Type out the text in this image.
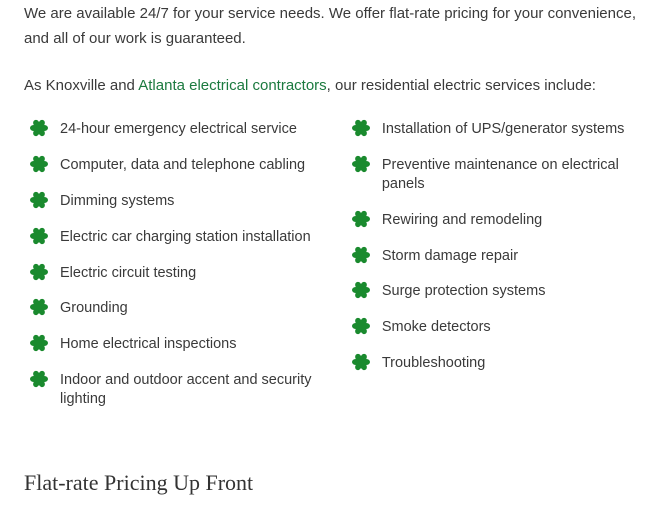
We are available 24/7 for your service needs. We offer flat-rate pricing for your convenience, and all of our work is guaranteed.

As Knoxville and Atlanta electrical contractors, our residential electric services include:

24-hour emergency electrical service
Computer, data and telephone cabling
Dimming systems
Electric car charging station installation
Electric circuit testing
Grounding
Home electrical inspections
Indoor and outdoor accent and security lighting
Installation of UPS/generator systems
Preventive maintenance on electrical panels
Rewiring and remodeling
Storm damage repair
Surge protection systems
Smoke detectors
Troubleshooting
Flat-rate Pricing Up Front
